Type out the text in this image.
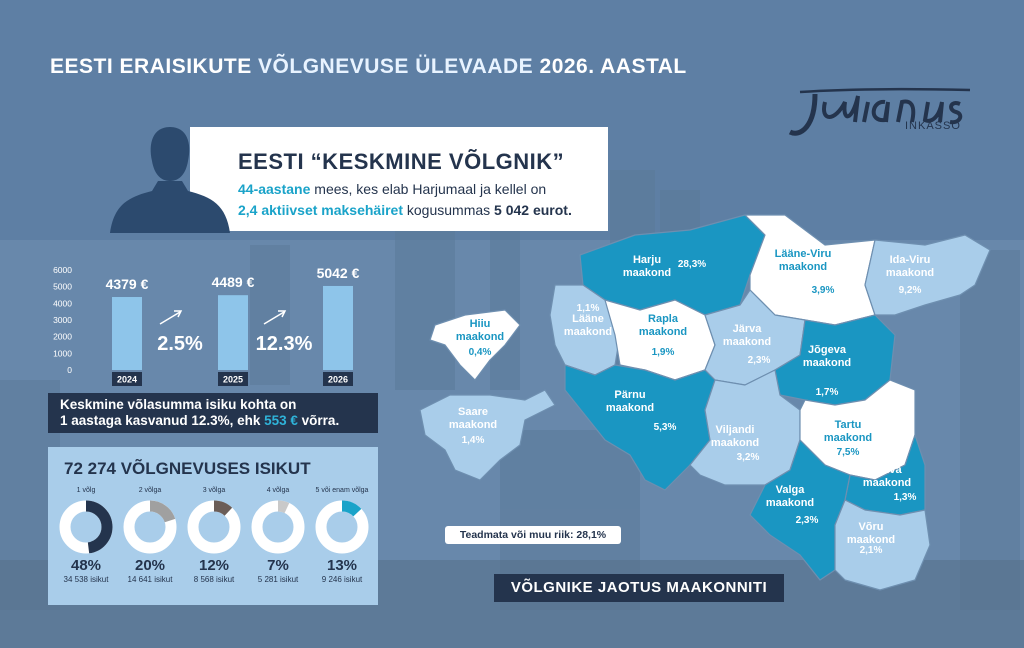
EESTI ERAISIKUTE VÕLGNEVUSE ÜLEVAADE 2026. AASTAL
INKASSO
EESTI “KESKMINE VÕLGNIK”
44-aastane mees, kes elab Harjumaal ja kellel on
2,4 aktiivset maksehäiret kogusummas 5 042 eurot.
6000
5000
4000
3000
2000
1000
0
4379 €
2024
4489 €
2025
5042 €
2026
2.5%	12.3%
Keskmine võlasumma isiku kohta on
1 aastaga kasvanud 12.3%, ehk 553 € võrra.
72 274 VÕLGNEVUSES ISIKUT
1 võlg
48%
34 538 isikut
2 võlga
20%
14 641 isikut
3 võlga
12%
8 568 isikut
4 võlga
7%
5 281 isikut
5 või enam võlga
13%
9 246 isikut
Harju
maakond
28,3%
Lääne-Viru
maakond
3,9%
Ida-Viru
maakond
9,2%
Hiiu
maakond
0,4%
Lääne
maakond
1,1%
Rapla
maakond
1,9%
Järva
maakond
2,3%
Jõgeva
maakond
1,7%
Pärnu
maakond
5,3%
Saare
maakond
1,4%
Viljandi
maakond
3,2%
Tartu
maakond
7,5%
Põlva
maakond
1,3%
Valga
maakond
2,3%
Võru
maakond
2,1%
Teadmata või muu riik: 28,1%
VÕLGNIKE JAOTUS MAAKONNITI
